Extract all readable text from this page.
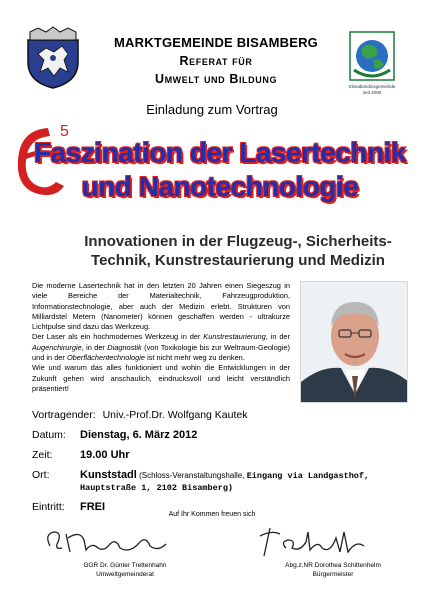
MARKTGEMEINDE BISAMBERG
Referat für
Umwelt und Bildung
Klimabündnisgemeinde
seit 2000
Einladung zum Vortrag
5
Faszination der Lasertechnik
und Nanotechnologie
Innovationen in der Flugzeug-, Sicherheits-
Technik, Kunstrestaurierung und Medizin

Die moderne Lasertechnik hat in den letzten 20 Jahren einen Siegeszug in viele Bereiche der Materialtechnik, Fahrzeugproduktion, Informationstechnologie, aber auch der Medizin erlebt. Strukturen von Milliardstel Metern (Nanometer) können geschaffen werden - ultrakurze Lichtpulse sind dazu das Werkzeug.

Der Laser als ein hochmodernes Werkzeug in der Kunstrestaurierung, in der Augenchirurgie, in der Diagnostik (von Toxikologie bis zur Weltraum-Geologie) und in der Oberflächentechnologie ist nicht mehr weg zu denken.

Wie und warum das alles funktioniert und wohin die Entwicklungen in der Zukunft gehen wird anschaulich, eindrucksvoll und leicht verständlich präsentiert!

Vortragender: Univ.-Prof.Dr. Wolfgang Kautek
Datum: Dienstag, 6. März 2012
Zeit:	19.00 Uhr
Ort:	Kunststadl (Schloss-Veranstaltungshalle, Eingang via Landgasthof,
Hauptstraße 1, 2102 Bisamberg)
Eintritt: FREI
Auf Ihr Kommen freuen sich
GGR Dr. Günter Trettenhahn
Umweltgemeinderat
Abg.z.NR Dorothea Schittenhelm
Bürgermeister
